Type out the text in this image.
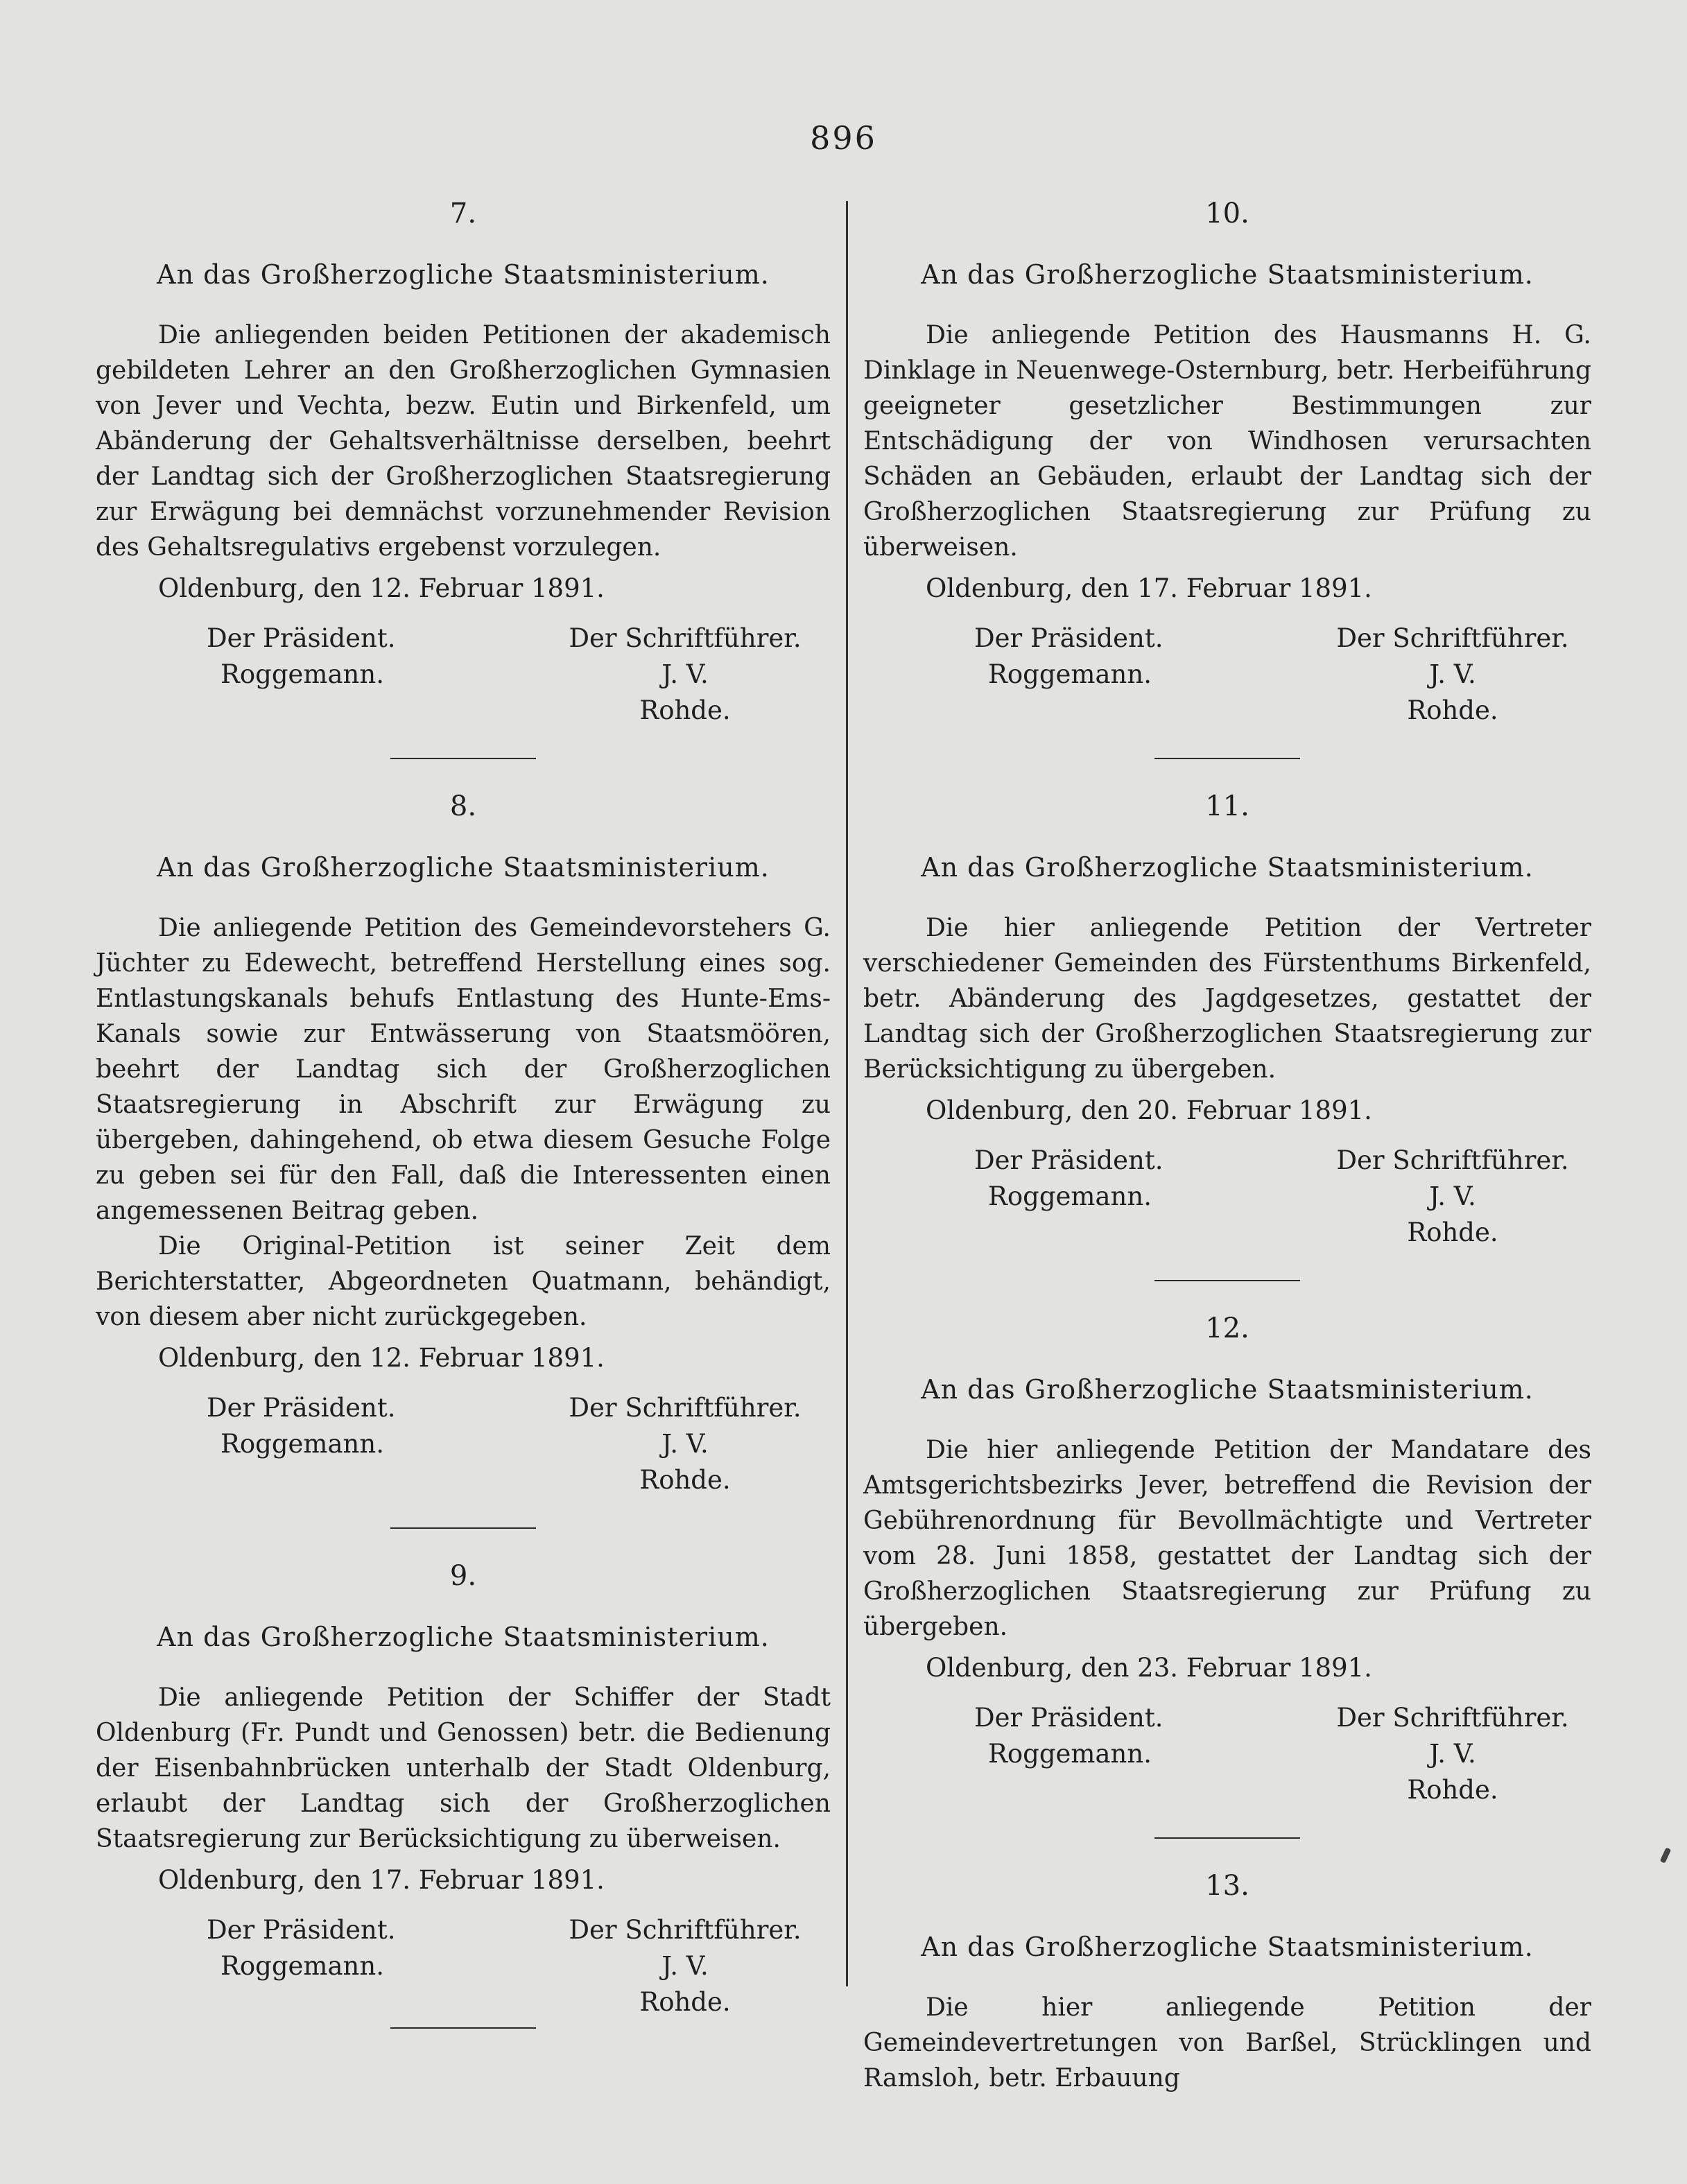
896
7.
An das Großherzogliche Staatsministerium.

Die anliegenden beiden Petitionen der akademisch gebildeten Lehrer an den Großherzoglichen Gymnasien von Jever und Vechta, bezw. Eutin und Birkenfeld, um Abänderung der Gehaltsverhältnisse derselben, beehrt der Landtag sich der Großherzoglichen Staatsregierung zur Erwägung bei demnächst vorzunehmender Revision des Gehaltsregulativs ergebenst vorzulegen.

Oldenburg, den 12. Februar 1891.
Der Präsident.
Roggemann.
Der Schriftführer.
J. V.
Rohde.
8.
An das Großherzogliche Staatsministerium.

Die anliegende Petition des Gemeindevorstehers G. Jüchter zu Edewecht, betreffend Herstellung eines sog. Entlastungskanals behufs Entlastung des Hunte-Ems-Kanals sowie zur Entwässerung von Staatsmöören, beehrt der Landtag sich der Großherzoglichen Staatsregierung in Abschrift zur Erwägung zu übergeben, dahingehend, ob etwa diesem Gesuche Folge zu geben sei für den Fall, daß die Interessenten einen angemessenen Beitrag geben.

Die Original-Petition ist seiner Zeit dem Berichterstatter, Abgeordneten Quatmann, behändigt, von diesem aber nicht zurückgegeben.

Oldenburg, den 12. Februar 1891.
Der Präsident.
Roggemann.
Der Schriftführer.
J. V.
Rohde.
9.
An das Großherzogliche Staatsministerium.

Die anliegende Petition der Schiffer der Stadt Oldenburg (Fr. Pundt und Genossen) betr. die Bedienung der Eisenbahnbrücken unterhalb der Stadt Oldenburg, erlaubt der Landtag sich der Großherzoglichen Staatsregierung zur Berücksichtigung zu überweisen.

Oldenburg, den 17. Februar 1891.
Der Präsident.
Roggemann.
Der Schriftführer.
J. V.
Rohde.
10.
An das Großherzogliche Staatsministerium.

Die anliegende Petition des Hausmanns H. G. Dinklage in Neuenwege-Osternburg, betr. Herbeiführung geeigneter gesetzlicher Bestimmungen zur Entschädigung der von Windhosen verursachten Schäden an Gebäuden, erlaubt der Landtag sich der Großherzoglichen Staatsregierung zur Prüfung zu überweisen.

Oldenburg, den 17. Februar 1891.
Der Präsident.
Roggemann.
Der Schriftführer.
J. V.
Rohde.
11.
An das Großherzogliche Staatsministerium.

Die hier anliegende Petition der Vertreter verschiedener Gemeinden des Fürstenthums Birkenfeld, betr. Abänderung des Jagdgesetzes, gestattet der Landtag sich der Großherzoglichen Staatsregierung zur Berücksichtigung zu übergeben.

Oldenburg, den 20. Februar 1891.
Der Präsident.
Roggemann.
Der Schriftführer.
J. V.
Rohde.
12.
An das Großherzogliche Staatsministerium.

Die hier anliegende Petition der Mandatare des Amtsgerichtsbezirks Jever, betreffend die Revision der Gebührenordnung für Bevollmächtigte und Vertreter vom 28. Juni 1858, gestattet der Landtag sich der Großherzoglichen Staatsregierung zur Prüfung zu übergeben.

Oldenburg, den 23. Februar 1891.
Der Präsident.
Roggemann.
Der Schriftführer.
J. V.
Rohde.
13.
An das Großherzogliche Staatsministerium.

Die hier anliegende Petition der Gemeindevertretungen von Barßel, Strücklingen und Ramsloh, betr. Erbauung
